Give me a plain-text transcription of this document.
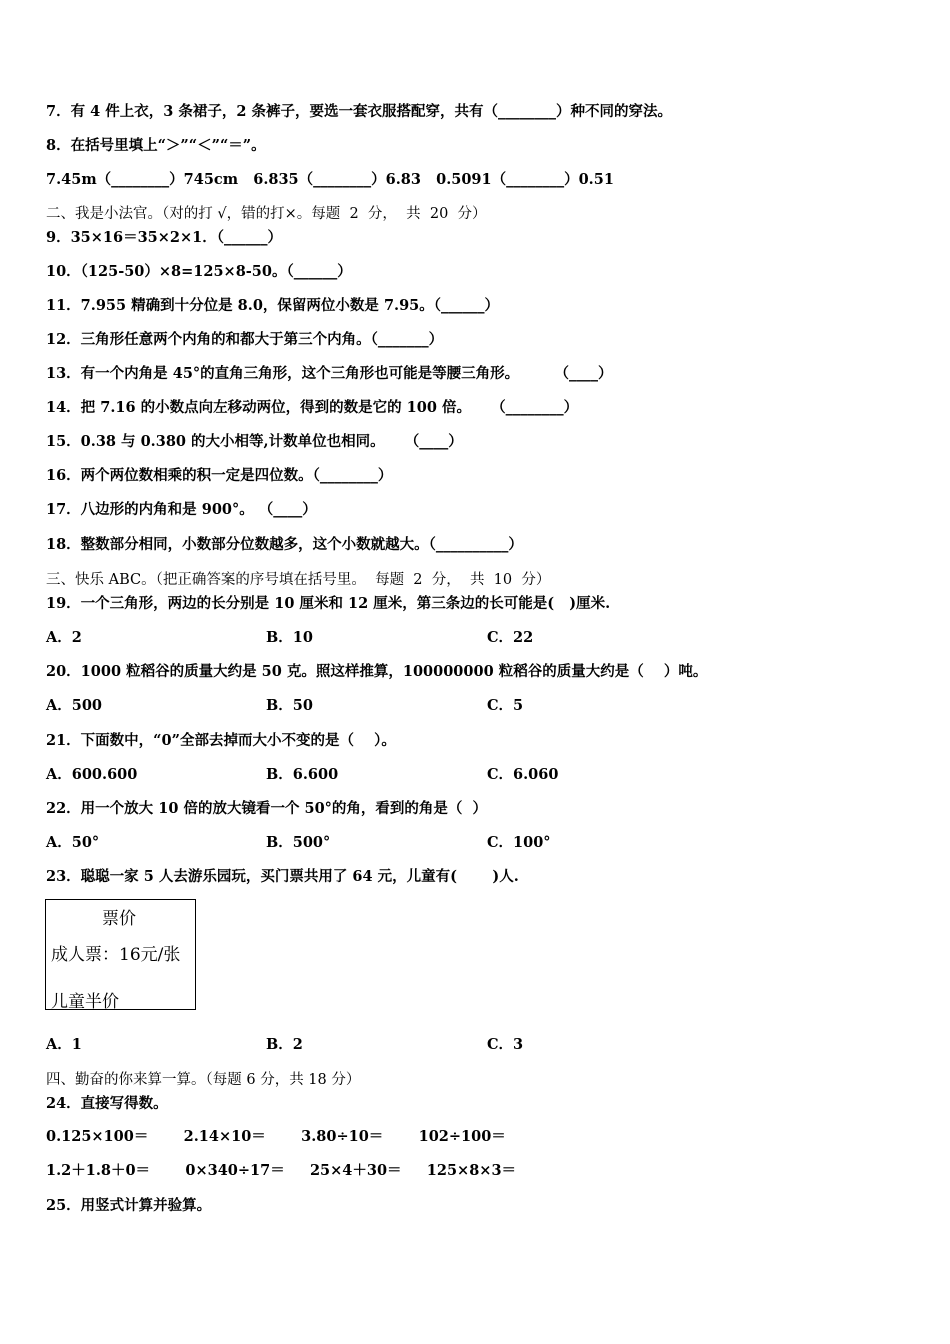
7．有 4 件上衣，3 条裙子，2 条裤子，要选一套衣服搭配穿，共有（________）种不同的穿法。
8．在括号里填上“＞”“＜”“＝”。
7.45m（________）745cm   6.835（________）6.83   0.5091（________）0.51
二、我是小法官。（对的打 √，错的打×。每题  2  分，  共  20  分）
9．35×16＝35×2×1．（______）
10．（125-50）×8=125×8-50。（______）
11．7.955 精确到十分位是 8.0，保留两位小数是 7.95。（______）
12．三角形任意两个内角的和都大于第三个内角。（_______）
13．有一个内角是 45°的直角三角形，这个三角形也可能是等腰三角形。       （____）
14．把 7.16 的小数点向左移动两位，得到的数是它的 100 倍。    （________）
15．0.38 与 0.380 的大小相等,计数单位也相同。    （____）
16．两个两位数相乘的积一定是四位数。（________）
17．八边形的内角和是 900°。 （____）
18．整数部分相同，小数部分位数越多，这个小数就越大。（__________）
三、快乐 ABC。（把正确答案的序号填在括号里。  每题  2  分，  共  10  分）
19．一个三角形，两边的长分别是 10 厘米和 12 厘米，第三条边的长可能是(   )厘米.
A．2	B．10	C．22
20．1000 粒稻谷的质量大约是 50 克。照这样推算，100000000 粒稻谷的质量大约是（    ）吨。
A．500	B．50	C．5
21．下面数中，“0”全部去掉而大小不变的是（    ）。
A．600.600	B．6.600	C．6.060
22．用一个放大 10 倍的放大镜看一个 50°的角，看到的角是（  ）
A．50°	B．500°	C．100°
23．聪聪一家 5 人去游乐园玩，买门票共用了 64 元，儿童有(       )人.
票价
成人票：16元/张
儿童半价
A．1	B．2	C．3
四、勤奋的你来算一算。（每题 6 分，共 18 分）
24．直接写得数。
0.125×100＝       2.14×10＝       3.80÷10＝       102÷100＝
1.2＋1.8＋0＝       0×340÷17＝     25×4＋30＝     125×8×3＝
25．用竖式计算并验算。
